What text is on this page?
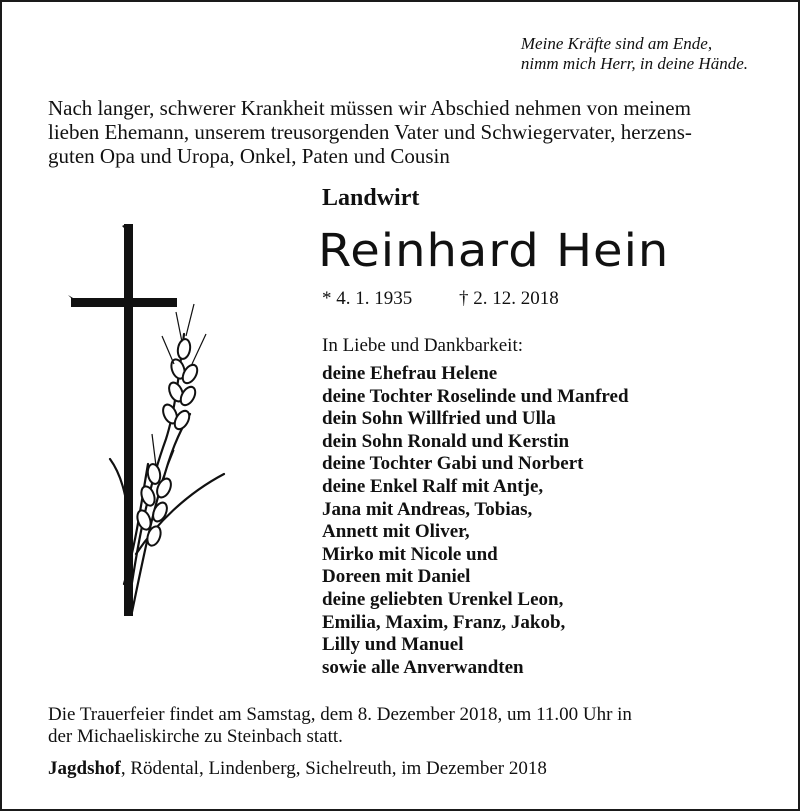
Meine Kräfte sind am Ende,
nimm mich Herr, in deine Hände.
Nach langer, schwerer Krankheit müssen wir Abschied nehmen von meinem
lieben Ehemann, unserem treusorgenden Vater und Schwiegervater, herzens-
guten Opa und Uropa, Onkel, Paten und Cousin
Landwirt
Reinhard Hein
* 4. 1. 1935 † 2. 12. 2018
In Liebe und Dankbarkeit:
deine Ehefrau Helene
deine Tochter Roselinde und Manfred
dein Sohn Willfried und Ulla
dein Sohn Ronald und Kerstin
deine Tochter Gabi und Norbert
deine Enkel Ralf mit Antje,
Jana mit Andreas, Tobias,
Annett mit Oliver,
Mirko mit Nicole und
Doreen mit Daniel
deine geliebten Urenkel Leon,
Emilia, Maxim, Franz, Jakob,
Lilly und Manuel
sowie alle Anverwandten
Die Trauerfeier findet am Samstag, dem 8. Dezember 2018, um 11.00 Uhr in
der Michaeliskirche zu Steinbach statt.
Jagdshof, Rödental, Lindenberg, Sichelreuth, im Dezember 2018
